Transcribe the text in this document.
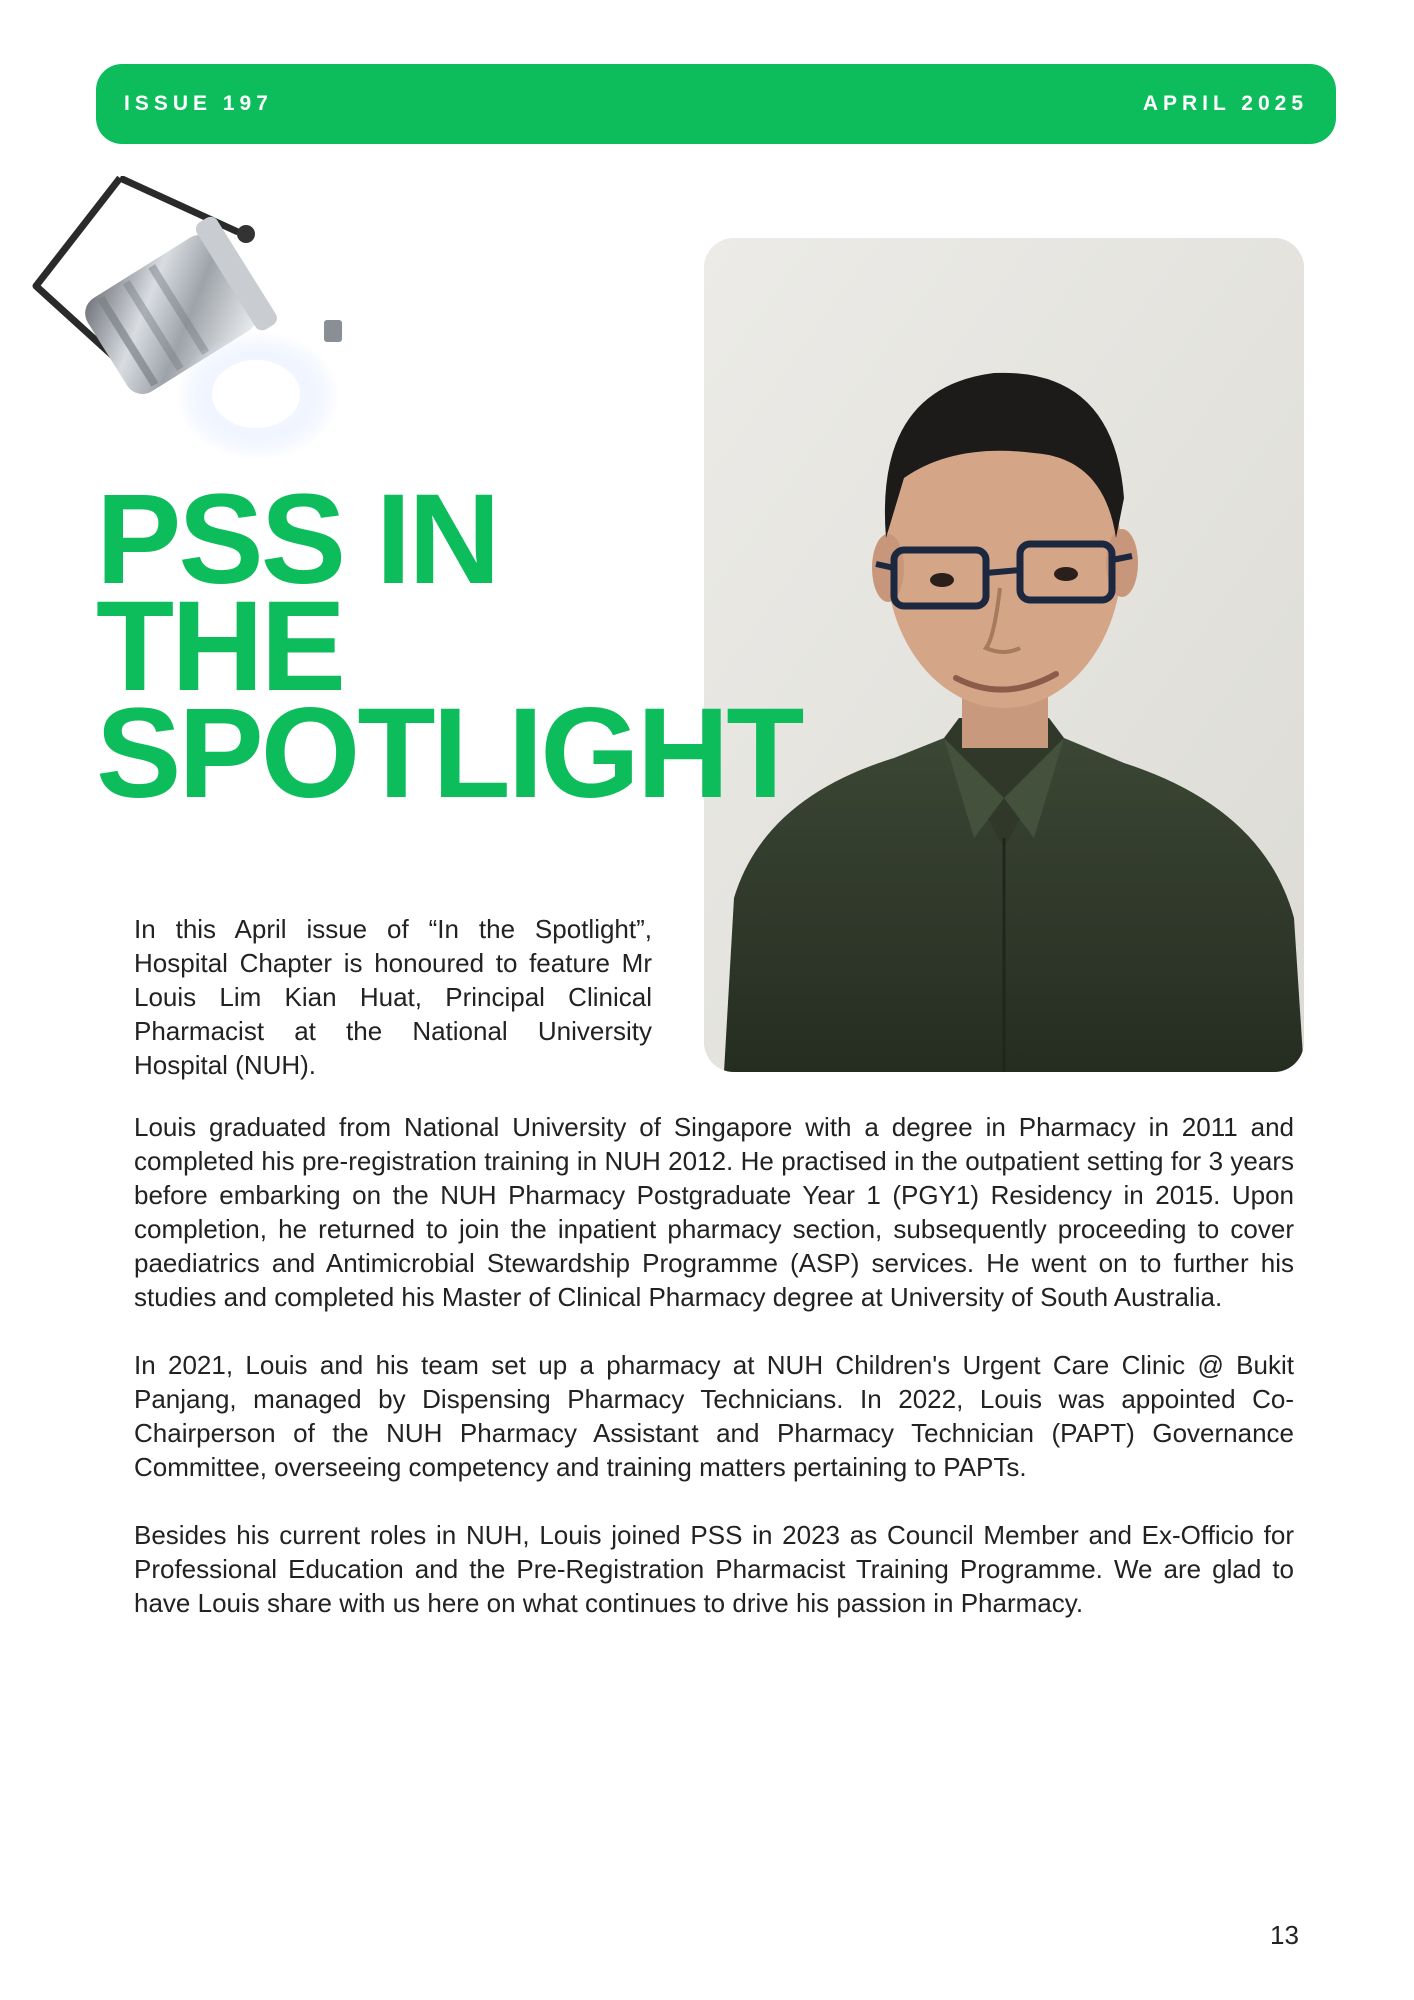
ISSUE 197	APRIL 2025
PSS IN
THE
SPOTLIGHT

In this April issue of “In the Spotlight”, Hospital Chapter is honoured to feature Mr Louis Lim Kian Huat, Principal Clinical Pharmacist at the National University Hospital (NUH).

Louis graduated from National University of Singapore with a degree in Pharmacy in 2011 and completed his pre-registration training in NUH 2012. He practised in the outpatient setting for 3 years before embarking on the NUH Pharmacy Postgraduate Year 1 (PGY1) Residency in 2015. Upon completion, he returned to join the inpatient pharmacy section, subsequently proceeding to cover paediatrics and Antimicrobial Stewardship Programme (ASP) services. He went on to further his studies and completed his Master of Clinical Pharmacy degree at University of South Australia.

In 2021, Louis and his team set up a pharmacy at NUH Children's Urgent Care Clinic @ Bukit Panjang, managed by Dispensing Pharmacy Technicians. In 2022, Louis was appointed Co-Chairperson of the NUH Pharmacy Assistant and Pharmacy Technician (PAPT) Governance Committee, overseeing competency and training matters pertaining to PAPTs.

Besides his current roles in NUH, Louis joined PSS in 2023 as Council Member and Ex-Officio for Professional Education and the Pre-Registration Pharmacist Training Programme. We are glad to have Louis share with us here on what continues to drive his passion in Pharmacy.

13
